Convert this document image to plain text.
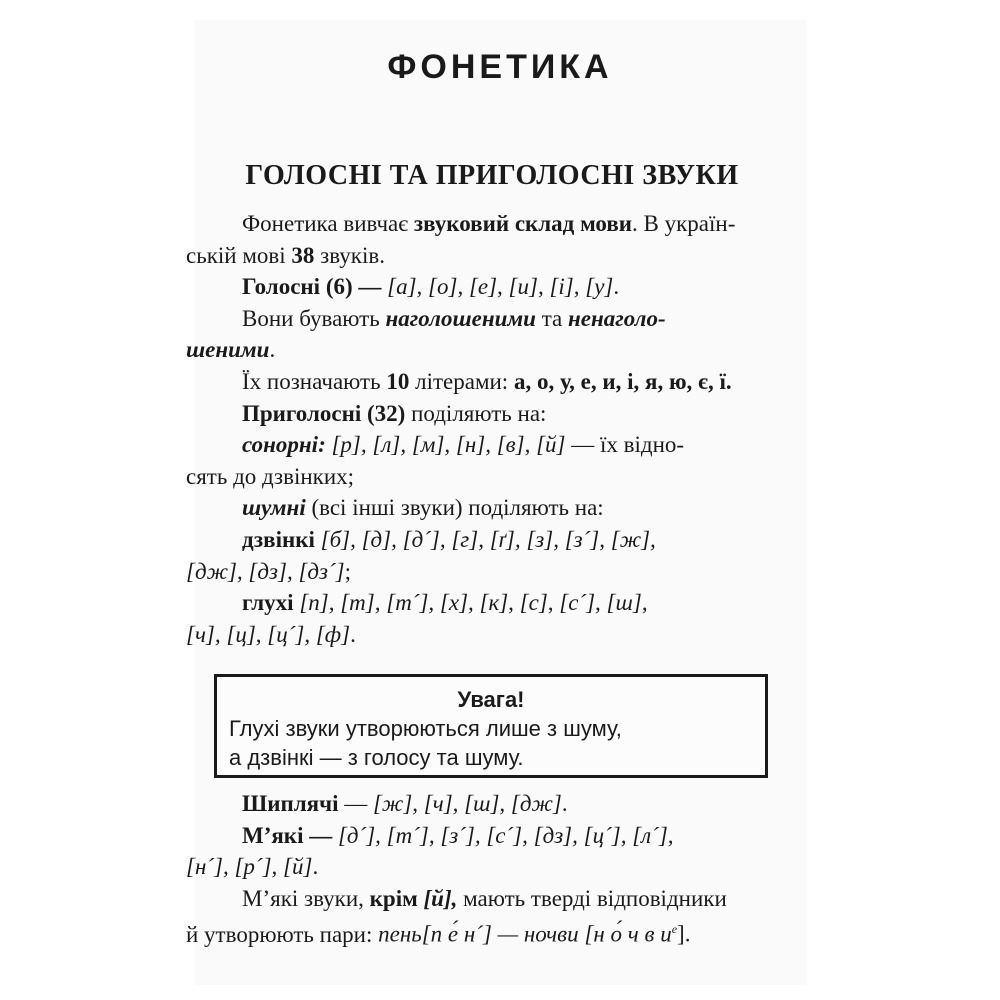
ФОНЕТИКА
ГОЛОСНІ ТА ПРИГОЛОСНІ ЗВУКИ

Фонетика вивчає звуковий склад мови. В україн-
ській мові 38 звуків.

Голосні (6) — [а], [о], [е], [и], [і], [у].

Вони бувають наголошеними та ненаголо-
шеними.

Їх позначають 10 літерами: а, о, у, е, и, і, я, ю, є, ї.

Приголосні (32) поділяють на:

сонорні: [р], [л], [м], [н], [в], [й] — їх відно-
сять до дзвінких;

шумні (всі інші звуки) поділяють на:

дзвінкі [б], [д], [д´], [г], [ґ], [з], [з´], [ж],
[дж], [дз], [дз´];

глухі [п], [т], [т´], [х], [к], [с], [с´], [ш],
[ч], [ц], [ц´], [ф].

Увага!
Глухі звуки утворюються лише з шуму,
а дзвінкі — з голосу та шуму.

Шиплячі — [ж], [ч], [ш], [дж].

М’які — [д´], [т´], [з´], [с´], [дз], [ц´], [л´],
[н´], [р´], [й].

М’які звуки, крім [й], мають тверді відповідники
й утворюють пари: пень[п е́ н´] — ночви [н о́ ч в $и^е$].
